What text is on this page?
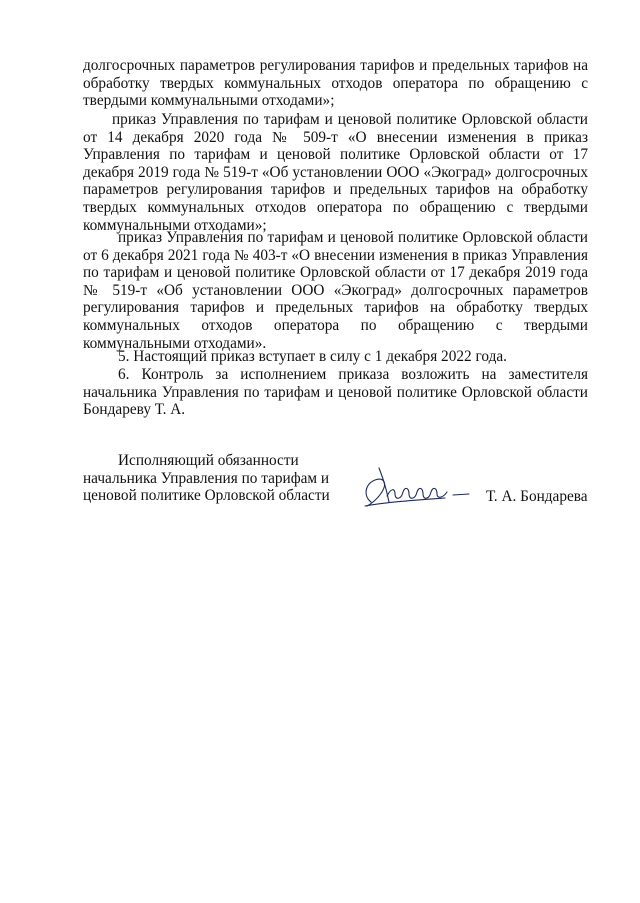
долгосрочных параметров регулирования тарифов и предельных тарифов на обработку твердых коммунальных отходов оператора по обращению с твердыми коммунальными отходами»;

приказ Управления по тарифам и ценовой политике Орловской области от 14 декабря 2020 года № 509-т «О внесении изменения в приказ Управления по тарифам и ценовой политике Орловской области от 17 декабря 2019 года № 519-т «Об установлении ООО «Экоград» долгосрочных параметров регулирования тарифов и предельных тарифов на обработку твердых коммунальных отходов оператора по обращению с твердыми коммунальными отходами»;

приказ Управления по тарифам и ценовой политике Орловской области от 6 декабря 2021 года № 403-т «О внесении изменения в приказ Управления по тарифам и ценовой политике Орловской области от 17 декабря 2019 года № 519-т «Об установлении ООО «Экоград» долгосрочных параметров регулирования тарифов и предельных тарифов на обработку твердых коммунальных отходов оператора по обращению с твердыми коммунальными отходами».

5. Настоящий приказ вступает в силу с 1 декабря 2022 года.

6. Контроль за исполнением приказа возложить на заместителя начальника Управления по тарифам и ценовой политике Орловской области Бондареву Т. А.

Исполняющий обязанности
начальника Управления по тарифам и
ценовой политике Орловской области	Т. А. Бондарева
